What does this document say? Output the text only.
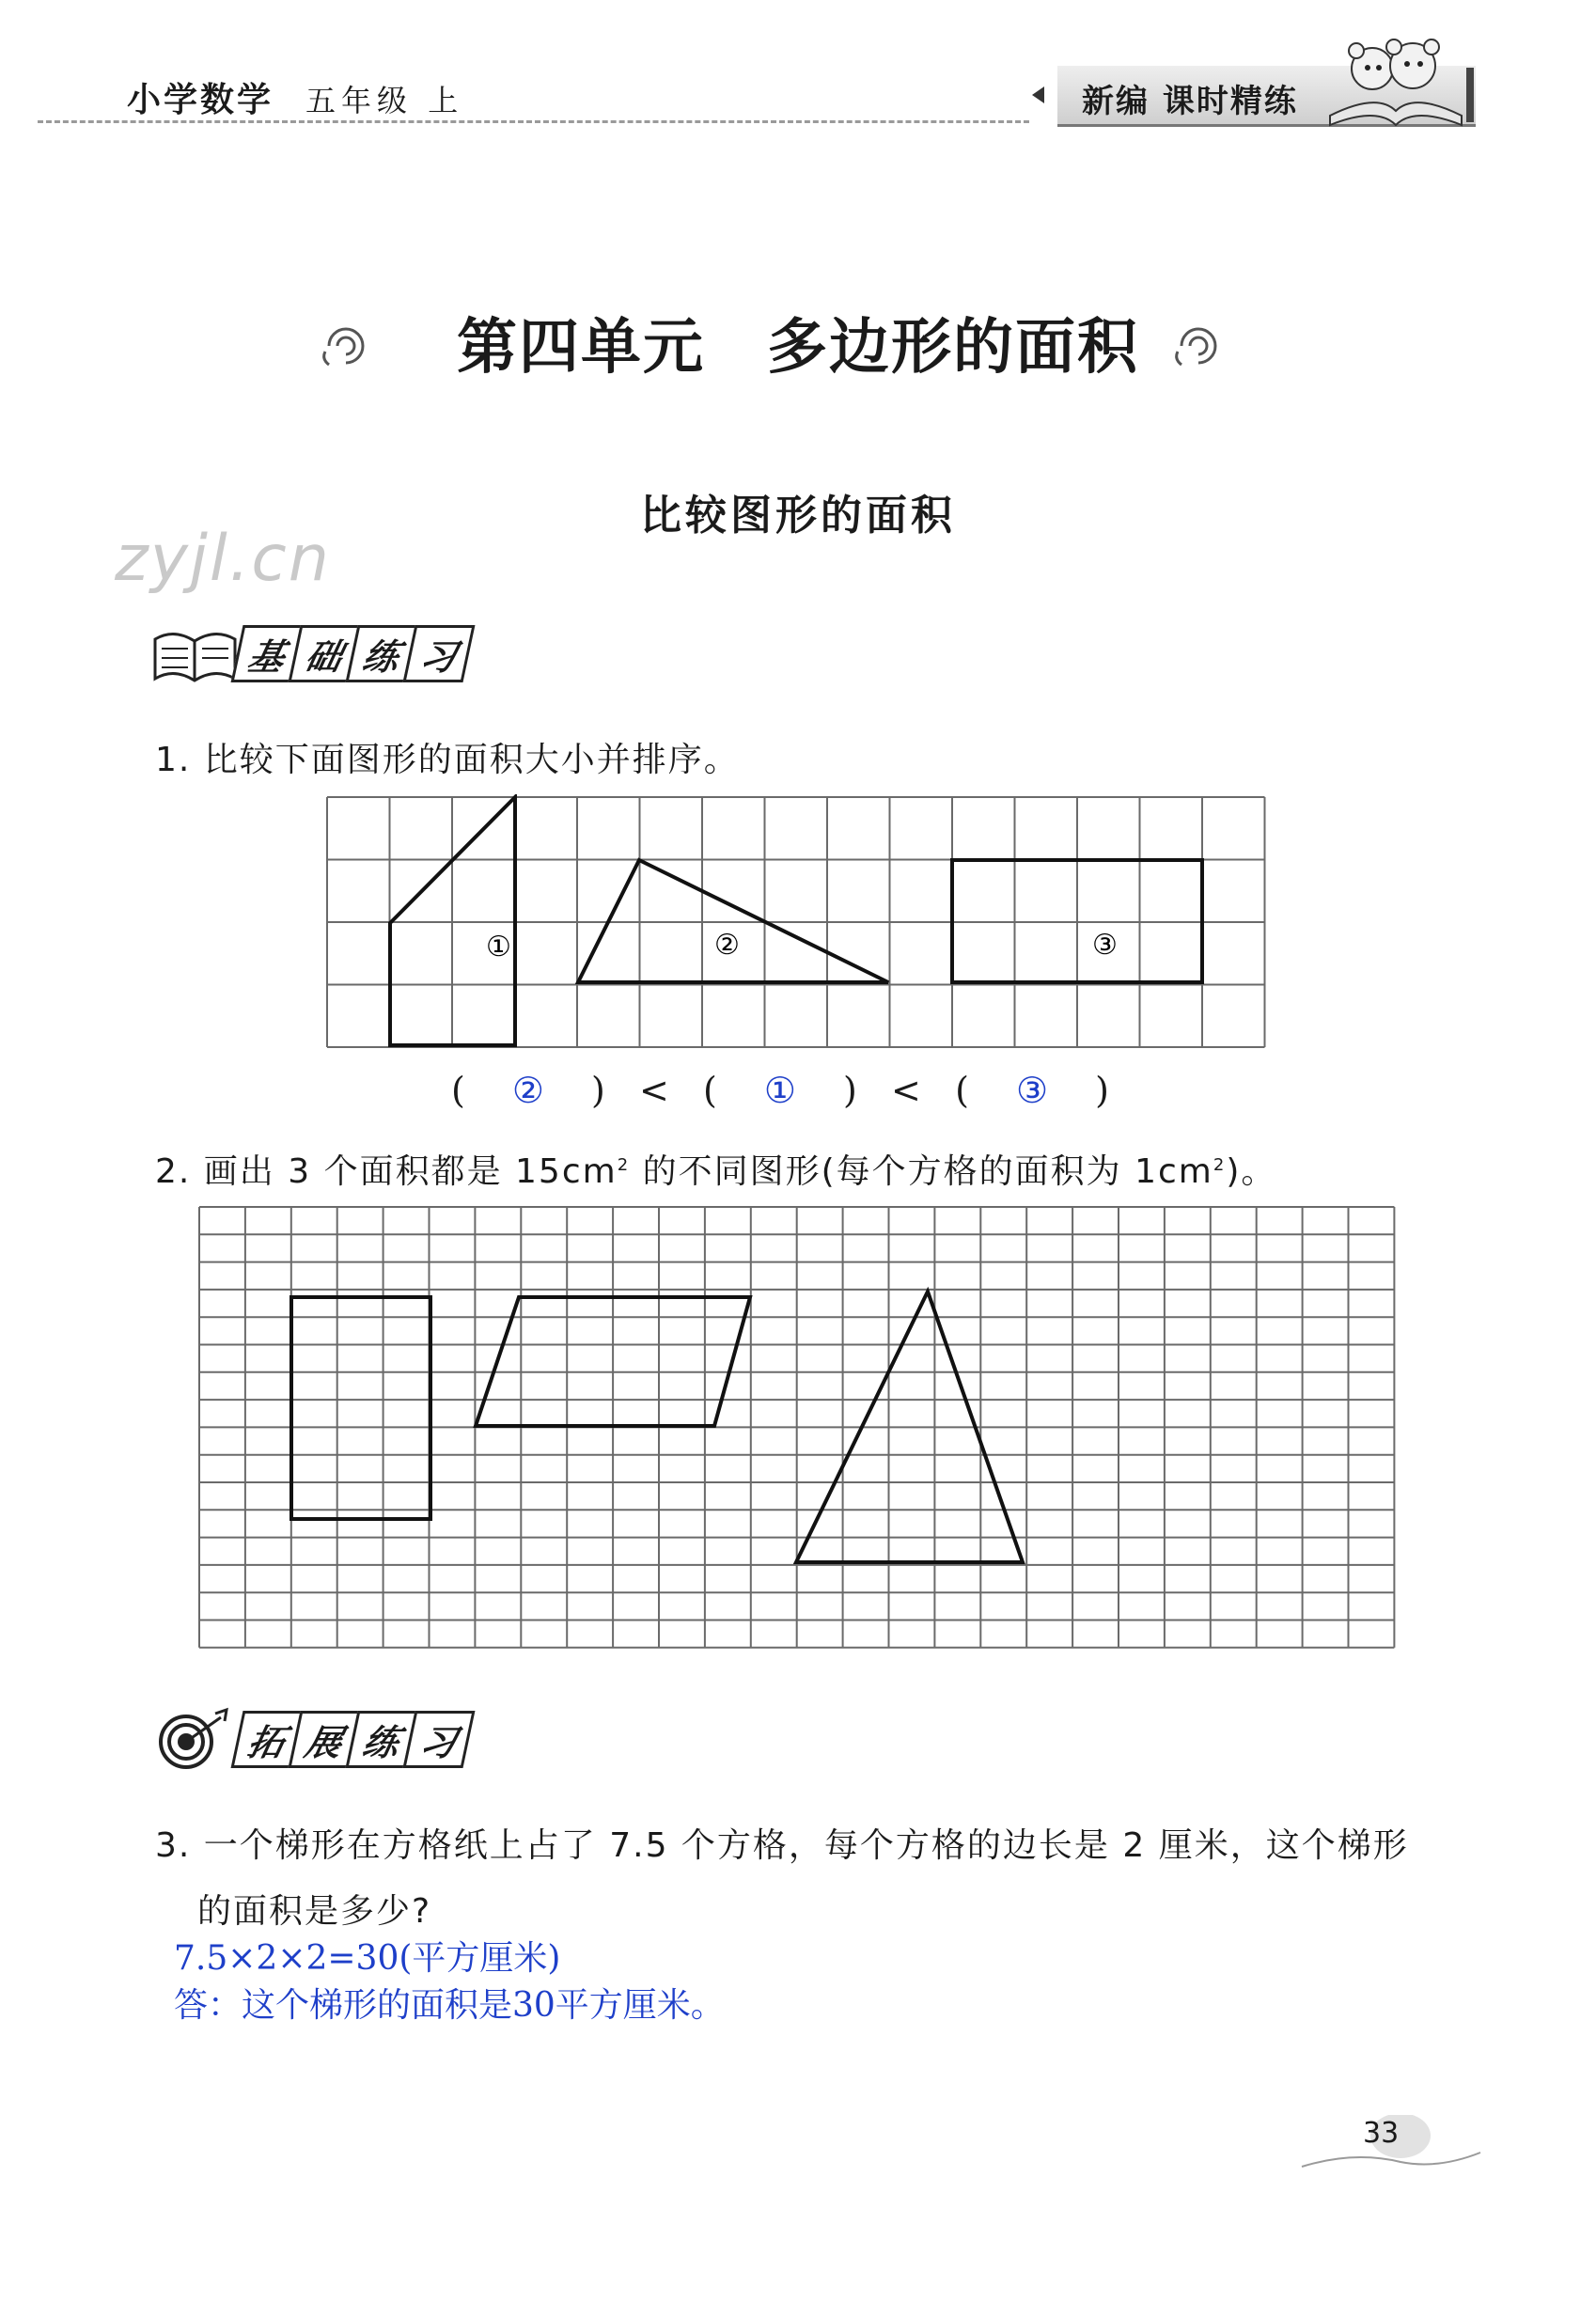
小学数学 五年级 上	新编 课时精练
第四单元　多边形的面积
比较图形的面积
zyjl.cn
基 础 练 习
1. 比较下面图形的面积大小并排序。
①	②	③
( ② ) < ( ① ) < ( ③ )
2. 画出 3 个面积都是 $15cm^2$ 的不同图形(每个方格的面积为 $1cm^2$)。
拓 展 练 习
3. 一个梯形在方格纸上占了 7.5 个方格，每个方格的边长是 2 厘米，这个梯形
的面积是多少?
7.5×2×2=30(平方厘米)
答：这个梯形的面积是30平方厘米。
33
